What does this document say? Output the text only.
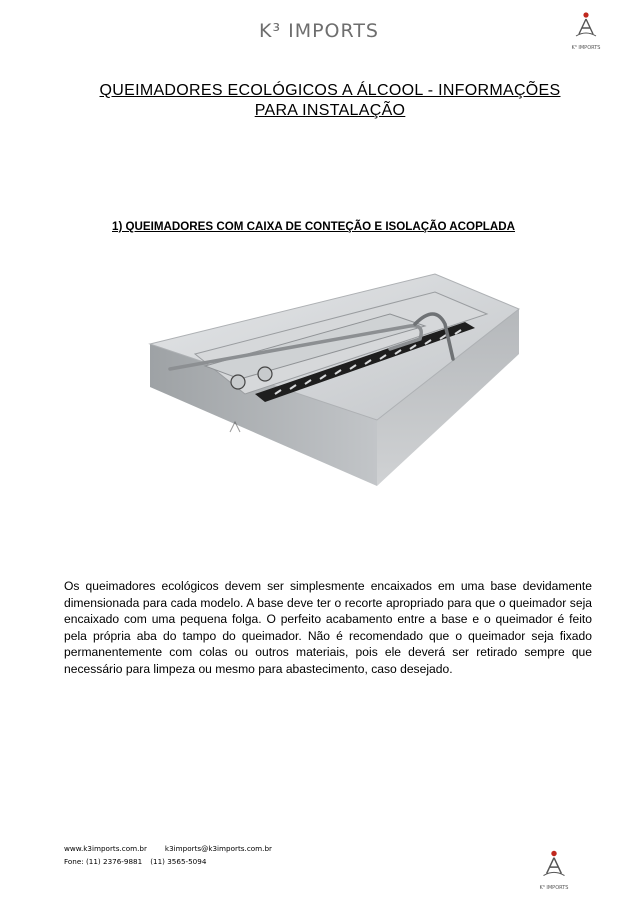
K³ IMPORTS
K³ IMPORTS
QUEIMADORES ECOLÓGICOS A ÁLCOOL - INFORMAÇÕES
PARA INSTALAÇÃO
1) QUEIMADORES COM CAIXA DE CONTEÇÃO E ISOLAÇÃO ACOPLADA

Os queimadores ecológicos devem ser simplesmente encaixados em uma base devidamente dimensionada para cada modelo. A base deve ter o recorte apropriado para que o queimador seja encaixado com uma pequena folga. O perfeito acabamento entre a base e o queimador é feito pela própria aba do tampo do queimador. Não é recomendado que o queimador seja fixado permanentemente com colas ou outros materiais, pois ele deverá ser retirado sempre que necessário para limpeza ou mesmo para abastecimento, caso desejado.

www.k3imports.com.br	k3imports@k3imports.com.br
Fone: (11) 2376-9881 (11) 3565-5094
K³ IMPORTS
